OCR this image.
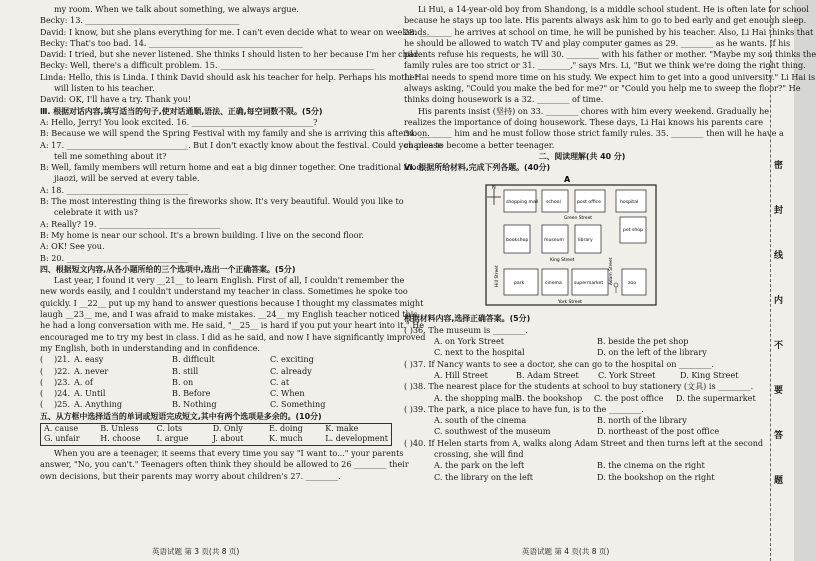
my room. When we talk about something, we always argue.
Becky: 13. ______________________________________
David: I know, but she plans everything for me. I can't even decide what to wear on weekends.
Becky: That's too bad. 14. ______________________________________
David: I tried, but she never listened. She thinks I should listen to her because I'm her child.
Becky: Well, there's a difficult problem. 15. ______________________________________
Linda: Hello, this is Linda. I think David should ask his teacher for help. Perhaps his mother
will listen to his teacher.
David: OK, I'll have a try. Thank you!
Ⅲ. 根据对话内容,填写适当的句子,使对话通顺,语法、正确,每空词数不限。(5分)
A: Hello, Jerry! You look excited. 16. ______________________________?
B: Because we will spend the Spring Festival with my family and she is arriving this afternoon.
A: 17. ______________________________. But I don't exactly know about the festival. Could you please
tell me something about it?
B: Well, family members will return home and eat a big dinner together. One traditional food,
jiaozi, will be served at every table.
A: 18. ______________________________
B: The most interesting thing is the fireworks show. It's very beautiful. Would you like to
celebrate it with us?
A: Really? 19. ______________________________
B: My home is near our school. It's a brown building. I live on the second floor.
A: OK! See you.
B: 20. ______________________________
四、根据短文内容,从各小题所给的三个选项中,选出一个正确答案。(5分)
Last year, I found it very __21__ to learn English. First of all, I couldn't remember the
new words easily, and I couldn't understand my teacher in class. Sometimes he spoke too
quickly. I __22__ put up my hand to answer questions because I thought my classmates might
laugh __23__ me, and I was afraid to make mistakes. __24__ my English teacher noticed this,
he had a long conversation with me. He said, "__25__ is hard if you put your heart into it." He
encouraged me to try my best in class. I did as he said, and now I have significantly improved
my English, both in understanding and in confidence.
(	)21. A. easy	B. difficult	C. exciting
(	)22. A. never	B. still	C. already
(	)23. A. of	B. on	C. at
(	)24. A. Until	B. Before	C. When
(	)25. A. Anything	B. Nothing	C. Something
五、从方框中选择适当的单词或短语完成短文,其中有两个选项是多余的。(10分)
A. cause	B. Unless	C. lots	D. Only	E. doing	K. make
G. unfair	H. choose	I. argue	J. about	K. much	L. development
When you are a teenager, it seems that every time you say "I want to..." your parents
answer, "No, you can't." Teenagers often think they should be allowed to 26 ________ their
own decisions, but their parents may worry about children's 27. ________.
英语试题 第 3 页(共 8 页)
Li Hui, a 14-year-old boy from Shandong, is a middle school student. He is often late for school
because he stays up too late. His parents always ask him to go to bed early and get enough sleep.
28. ________ he arrives at school on time, he will be punished by his teacher. Also, Li Hai thinks that
he should be allowed to watch TV and play computer games as 29. ________ as he wants. If his
parents refuse his requests, he will 30. ________ with his father or mother. "Maybe my son thinks the
family rules are too strict or 31. ________," says Mrs. Li, "But we think we're doing the right thing.
Li Hai needs to spend more time on his study. We expect him to get into a good university." Li Hai is
always asking, "Could you make the bed for me?" or "Could you help me to sweep the floor?" He
thinks doing housework is a 32. ________ of time.
His parents insist (坚持) on 33. ________ chores with him every weekend. Gradually he
realizes the importance of doing housework. These days, Li Hai knows his parents care
34. ________ him and he must follow those strict family rules. 35. ________ then will he have a
chance to become a better teenager.
二、阅读理解(共 40 分)
Ⅵ. 根据所给材料,完成下列各题。(40分)
A
N
shopping mall school	post office	hospital
Green Street
bookshop	museum	library
pet shop
King Street
Hill Street	Adam Street
park	cinema	supermarket	zoo
York Street
根据材料内容,选择正确答案。(5分)
( )36. The museum is ________.
A. on York Street	B. beside the pet shop
C. next to the hospital	D. on the left of the library
( )37. If Nancy wants to see a doctor, she can go to the hospital on ________.
A. Hill Street	B. Adam Street	C. York Street	D. King Street
( )38. The nearest place for the students at school to buy stationery (文具) is ________.
A. the shopping mall
B. the bookshop	C. the post office	D. the supermarket
( )39. The park, a nice place to have fun, is to the ________.
A. south of the cinema	B. north of the library
C. southwest of the museum	D. northeast of the post office
( )40. If Helen starts from A, walks along Adam Street and then turns left at the second
crossing, she will find
A. the park on the left	B. the cinema on the right
C. the library on the left	D. the bookshop on the right
英语试题 第 4 页(共 8 页)
密
封
线
内
不
要
答
题
